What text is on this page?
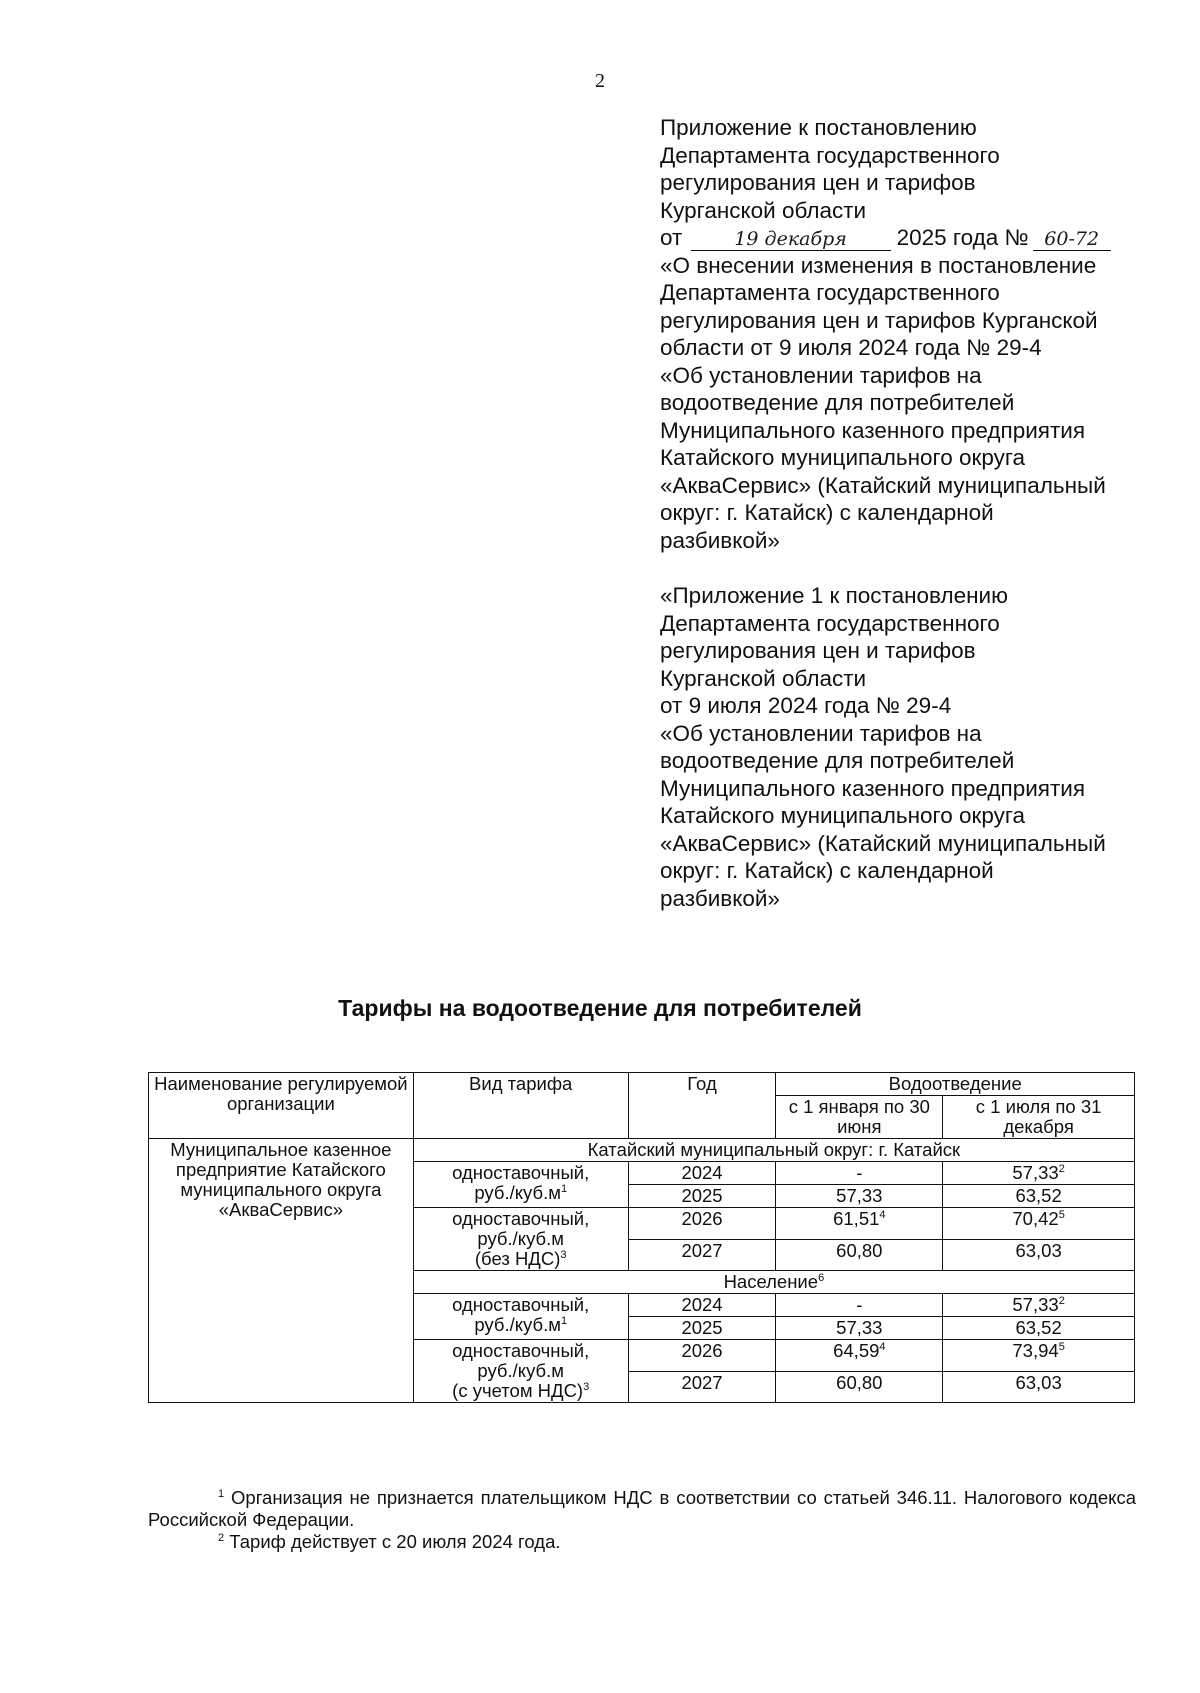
2
Приложение к постановлению
Департамента государственного
регулирования цен и тарифов
Курганской области
от	19 декабря 2025 года № 60-72
«О внесении изменения в постановление
Департамента государственного
регулирования цен и тарифов Курганской
области от 9 июля 2024 года № 29-4
«Об установлении тарифов на
водоотведение для потребителей
Муниципального казенного предприятия
Катайского муниципального округа
«АкваСервис» (Катайский муниципальный
округ: г. Катайск) с календарной
разбивкой»
«Приложение 1 к постановлению
Департамента государственного
регулирования цен и тарифов
Курганской области
от 9 июля 2024 года № 29-4
«Об установлении тарифов на
водоотведение для потребителей
Муниципального казенного предприятия
Катайского муниципального округа
«АкваСервис» (Катайский муниципальный
округ: г. Катайск) с календарной
разбивкой»
Тарифы на водоотведение для потребителей
Наименование регулируемой организации	Вид тарифа	Год	Водоотведение	
			с 1 января по 30 июня	с 1 июля по 31 декабря
Муниципальное казенное предприятие Катайского муниципального округа «АкваСервис»	Катайский муниципальный округ: г. Катайск			
	одноставочный,
$руб./куб.м^1$	2024	-	57,33$^2$
		2025	57,33	63,52
	одноставочный,
руб./куб.м
(без НДС)$^3$	2026	61,51$^4$	70,42$^5$
		2027	60,80	63,03
	Население$^6$
	одноставочный,
$руб./куб.м^1$	2024	-	57,33$^2$
		2025	57,33	63,52
	одноставочный,
руб./куб.м
(с учетом НДС)$^3$	2026	64,59$^4$	73,94$^5$
		2027	60,80	63,03

$^1$ Организация не признается плательщиком НДС в соответствии со статьей 346.11. Налогового кодекса Российской Федерации.

$^2$ Тариф действует с 20 июля 2024 года.
